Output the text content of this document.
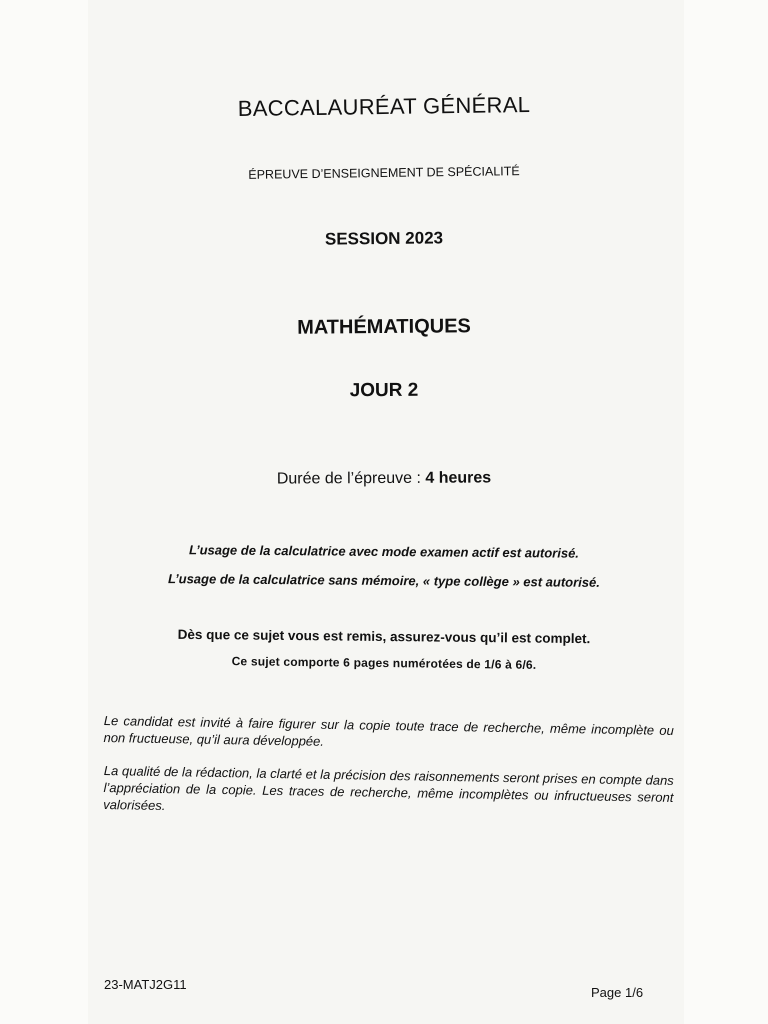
BACCALAURÉAT GÉNÉRAL
ÉPREUVE D’ENSEIGNEMENT DE SPÉCIALITÉ
SESSION 2023
MATHÉMATIQUES
JOUR 2
Durée de l’épreuve : 4 heures
L’usage de la calculatrice avec mode examen actif est autorisé.
L’usage de la calculatrice sans mémoire, « type collège » est autorisé.
Dès que ce sujet vous est remis, assurez-vous qu’il est complet.
Ce sujet comporte 6 pages numérotées de 1/6 à 6/6.
Le candidat est invité à faire figurer sur la copie toute trace de recherche, même incomplète ou non fructueuse, qu’il aura développée.
La qualité de la rédaction, la clarté et la précision des raisonnements seront prises en compte dans l’appréciation de la copie. Les traces de recherche, même incomplètes ou infructueuses seront valorisées.
23-MATJ2G11
Page 1/6
